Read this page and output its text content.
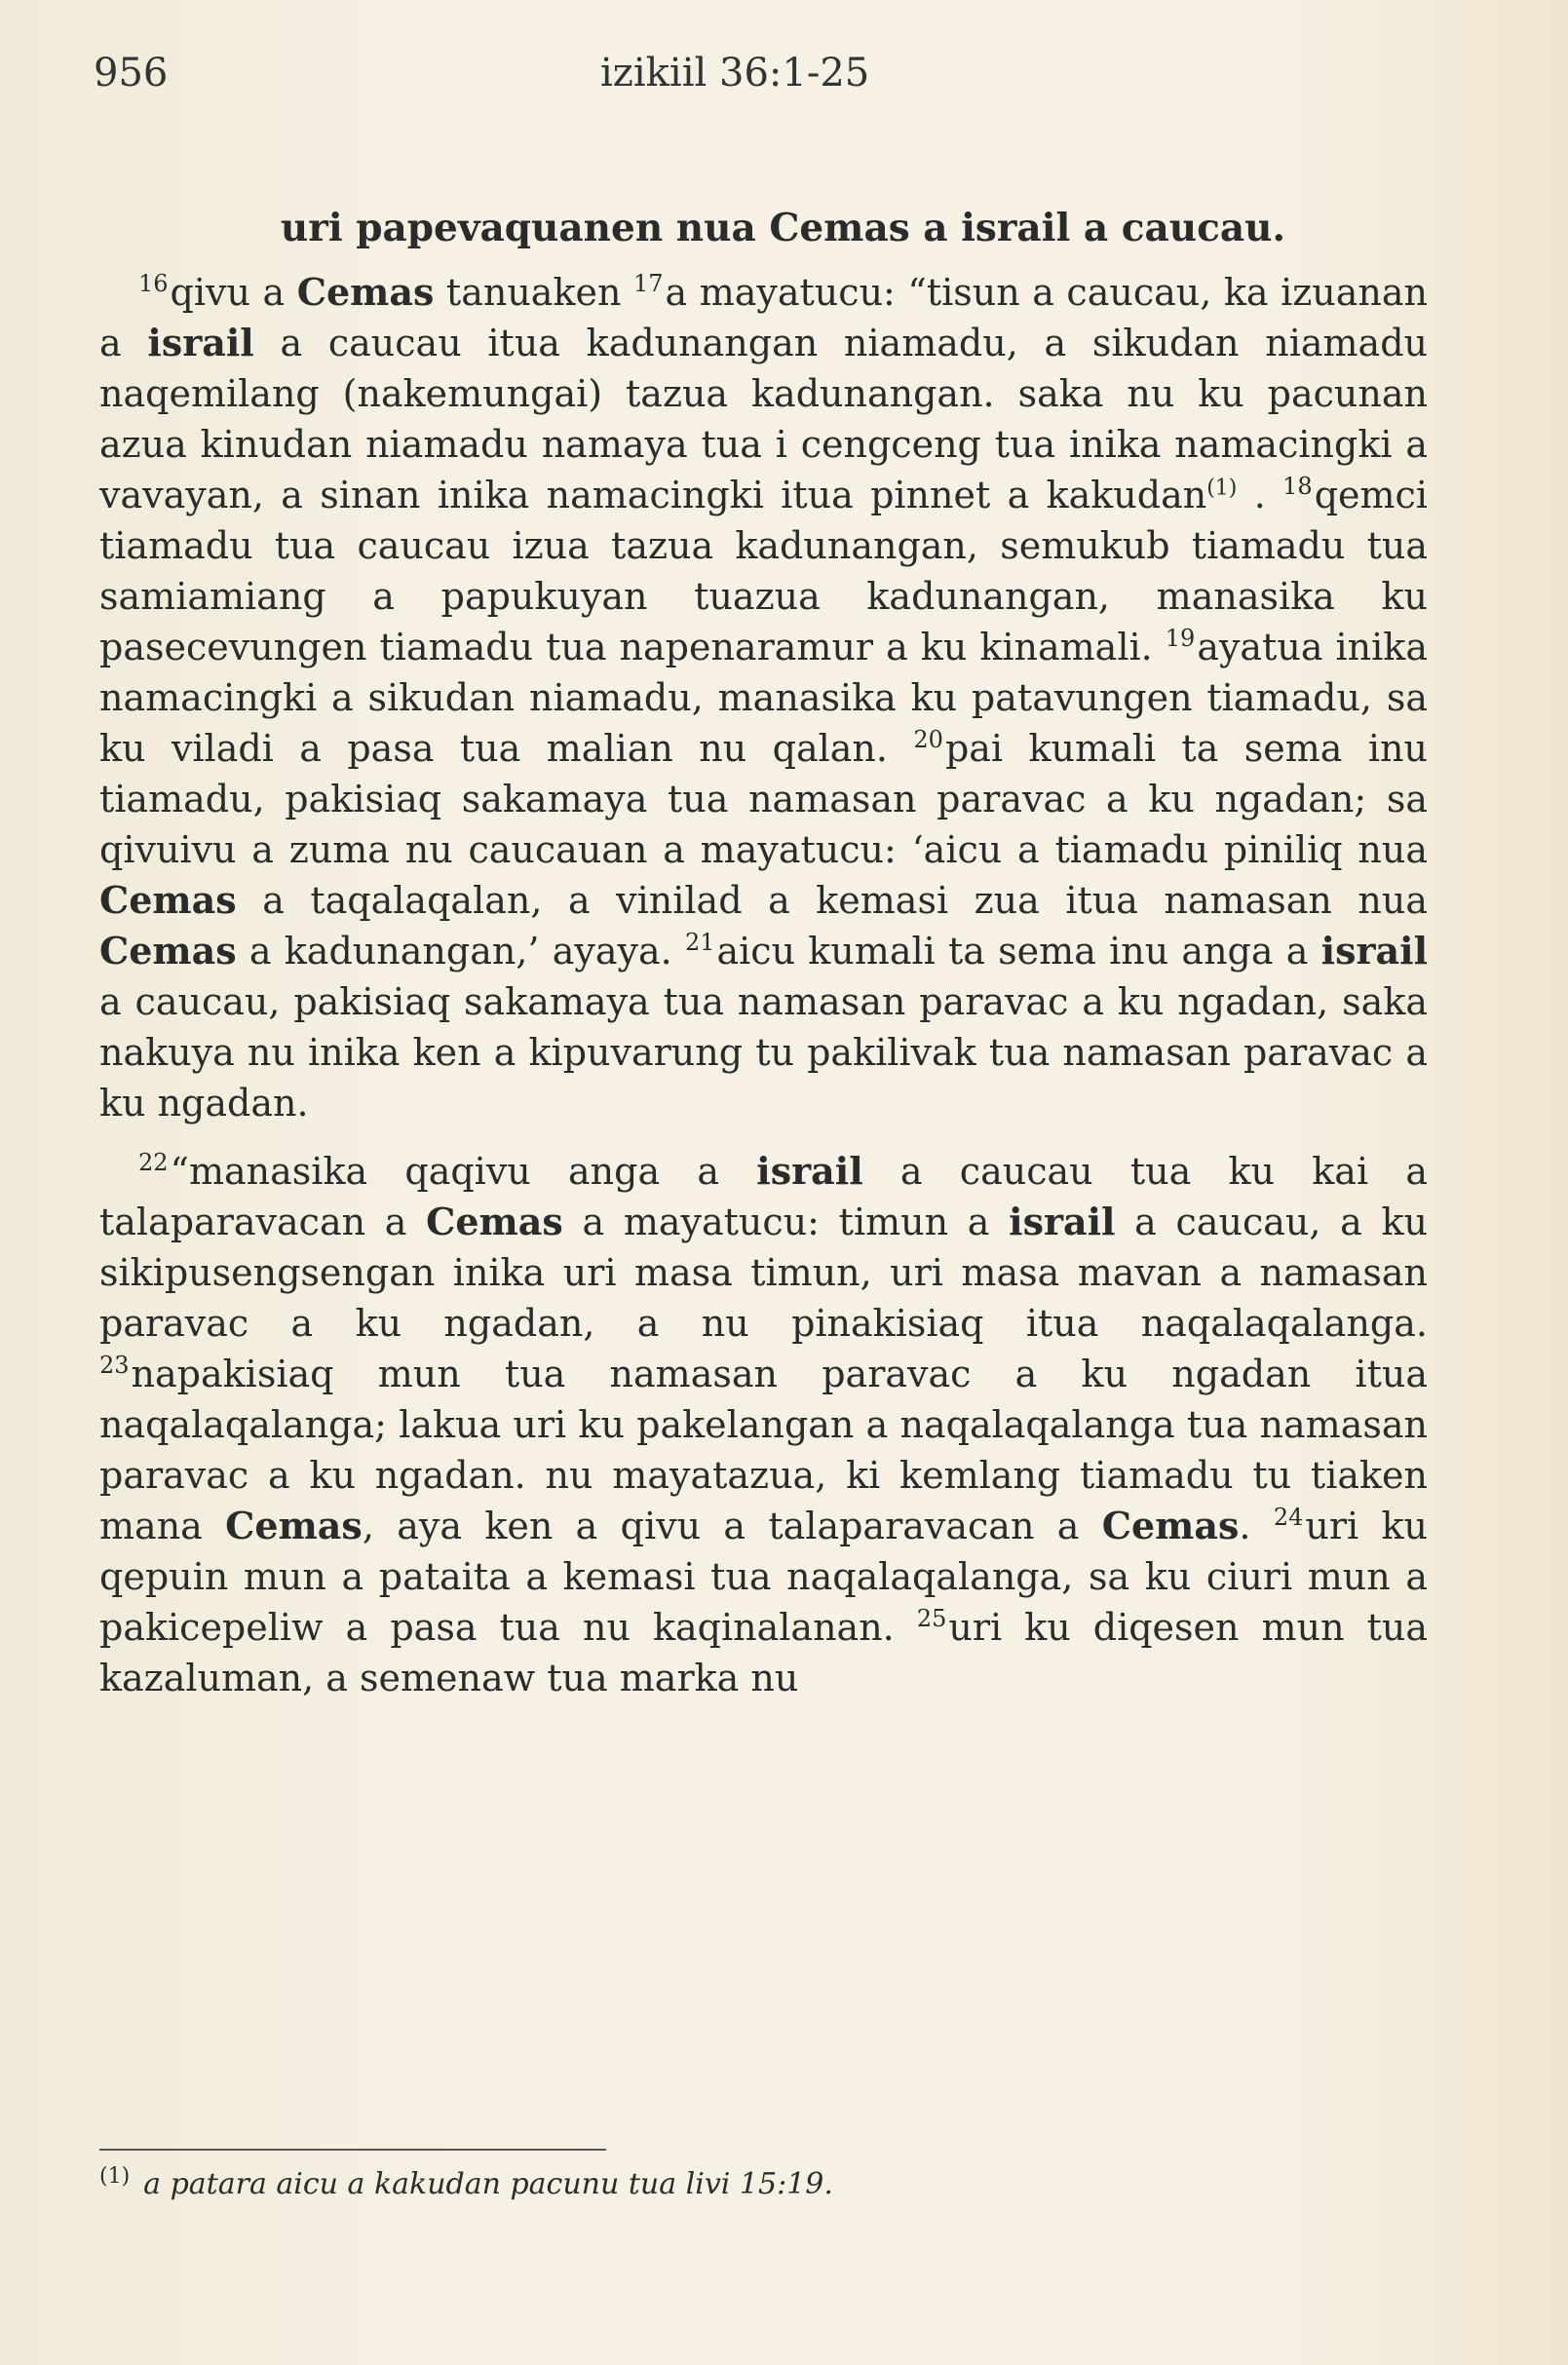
956	izikiil 36:1-25
uri papevaquanen nua Cemas a israil a caucau.

$^{16}$qivu a Cemas tanuaken $^{17}$a mayatucu: “tisun a caucau, ka izuanan a israil a caucau itua kadunangan niamadu, a sikudan niamadu naqemilang (nakemungai) tazua kadunangan. saka nu ku pacunan azua kinudan niamadu namaya tua i cengceng tua inika namacingki a vavayan, a sinan inika namacingki itua pinnet a kakudan$^{(1)}$ . $^{18}$qemci tiamadu tua caucau izua tazua kadunangan, semukub tiamadu tua samiamiang a papukuyan tuazua kadunangan, manasika ku pasecevungen tiamadu tua napenaramur a ku kinamali. $^{19}$ayatua inika namacingki a sikudan niamadu, manasika ku patavungen tiamadu, sa ku viladi a pasa tua malian nu qalan. $^{20}$pai kumali ta sema inu tiamadu, pakisiaq sakamaya tua namasan paravac a ku ngadan; sa qivuivu a zuma nu caucauan a mayatucu: ‘aicu a tiamadu piniliq nua Cemas a taqalaqalan, a vinilad a kemasi zua itua namasan nua Cemas a kadunangan,’ ayaya. $^{21}$aicu kumali ta sema inu anga a israil a caucau, pakisiaq sakamaya tua namasan paravac a ku ngadan, saka nakuya nu inika ken a kipuvarung tu pakilivak tua namasan paravac a ku ngadan.

$^{22}$“manasika qaqivu anga a israil a caucau tua ku kai a talaparavacan a Cemas a mayatucu: timun a israil a caucau, a ku sikipusengsengan inika uri masa timun, uri masa mavan a namasan paravac a ku ngadan, a nu pinakisiaq itua naqalaqalanga. $^{23}$napakisiaq mun tua namasan paravac a ku ngadan itua naqalaqalanga; lakua uri ku pakelangan a naqalaqalanga tua namasan paravac a ku ngadan. nu mayatazua, ki kemlang tiamadu tu tiaken mana Cemas, aya ken a qivu a talaparavacan a Cemas. $^{24}$uri ku qepuin mun a pataita a kemasi tua naqalaqalanga, sa ku ciuri mun a pakicepeliw a pasa tua nu kaqinalanan. $^{25}$uri ku diqesen mun tua kazaluman, a semenaw tua marka nu

$^{(1)}$ a patara aicu a kakudan pacunu tua livi 15:19.
